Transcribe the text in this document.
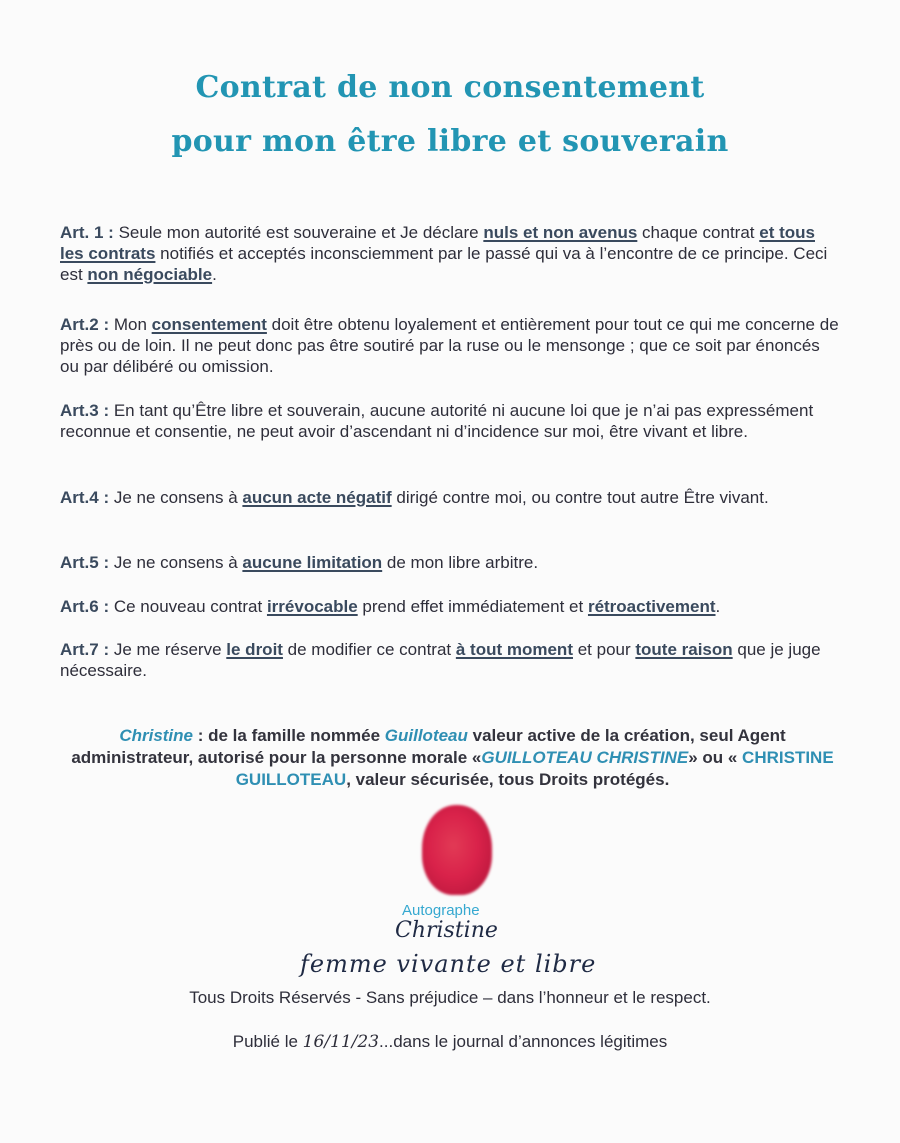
Contrat de non consentement
pour mon être libre et souverain
Art. 1 : Seule mon autorité est souveraine et Je déclare nuls et non avenus chaque contrat et tous les contrats notifiés et acceptés inconsciemment par le passé qui va à l’encontre de ce principe. Ceci est non négociable.
Art.2 : Mon consentement doit être obtenu loyalement et entièrement pour tout ce qui me concerne de près ou de loin. Il ne peut donc pas être soutiré par la ruse ou le mensonge ; que ce soit par énoncés ou par délibéré ou omission.
Art.3 : En tant qu’Être libre et souverain, aucune autorité ni aucune loi que je n’ai pas expressément reconnue et consentie, ne peut avoir d’ascendant ni d’incidence sur moi, être vivant et libre.
Art.4 : Je ne consens à aucun acte négatif dirigé contre moi, ou contre tout autre Être vivant.
Art.5 : Je ne consens à aucune limitation de mon libre arbitre.
Art.6 : Ce nouveau contrat irrévocable prend effet immédiatement et rétroactivement.
Art.7 : Je me réserve le droit de modifier ce contrat à tout moment et pour toute raison que je juge nécessaire.
Christine : de la famille nommée Guilloteau valeur active de la création, seul Agent administrateur, autorisé pour la personne morale «GUILLOTEAU CHRISTINE» ou « CHRISTINE GUILLOTEAU, valeur sécurisée, tous Droits protégés.
Autographe
Christine
femme vivante et libre
Tous Droits Réservés - Sans préjudice – dans l’honneur et le respect.
Publié le 16/11/23...dans le journal d’annonces légitimes
